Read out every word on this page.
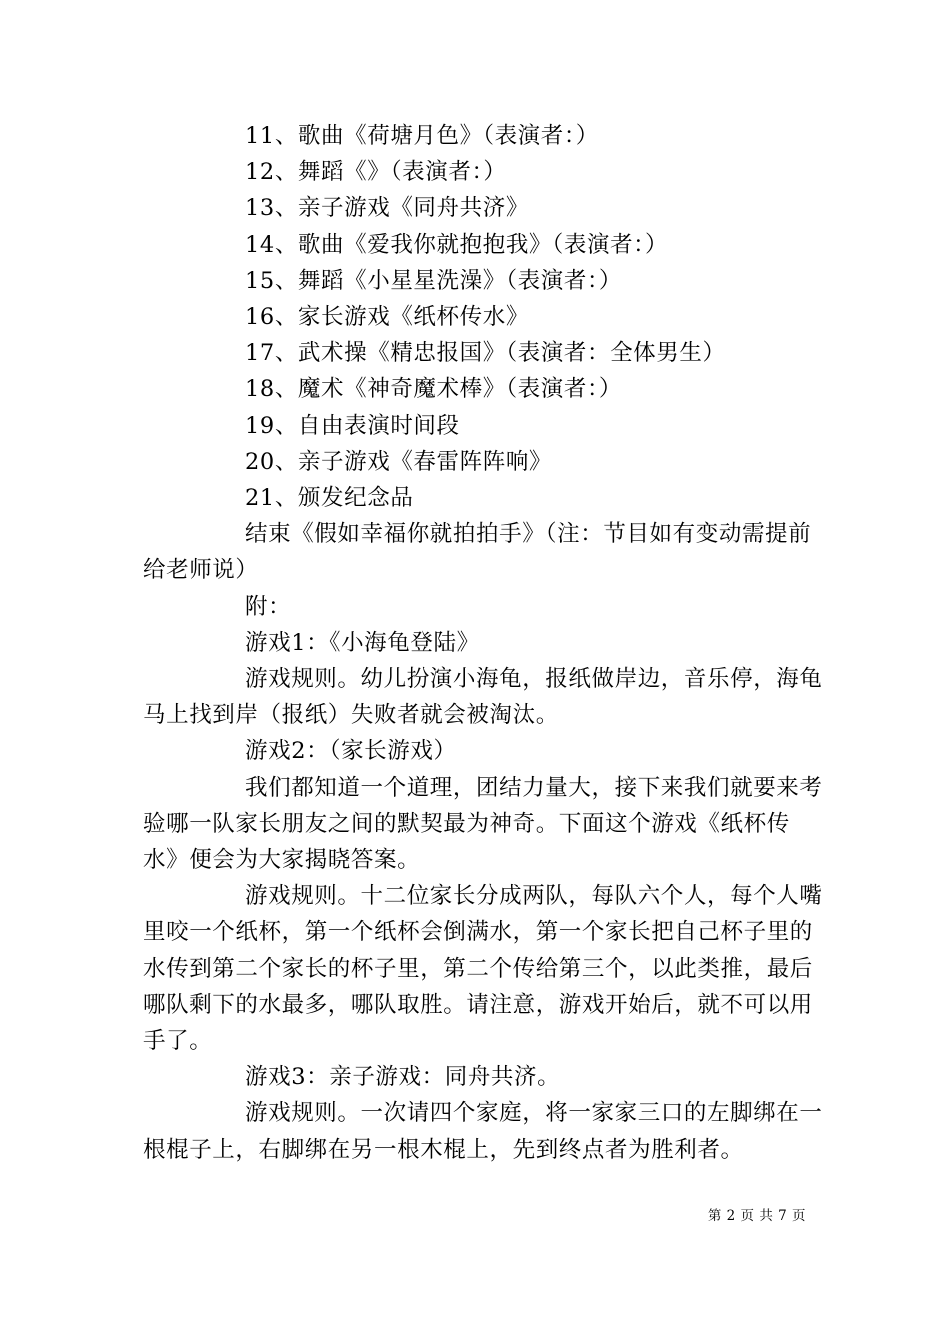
11、歌曲《荷塘月色》（表演者：）
12、舞蹈《》（表演者：）
13、亲子游戏《同舟共济》
14、歌曲《爱我你就抱抱我》（表演者：）
15、舞蹈《小星星洗澡》（表演者：）
16、家长游戏《纸杯传水》
17、武术操《精忠报国》（表演者：全体男生）
18、魔术《神奇魔术棒》（表演者：）
19、自由表演时间段
20、亲子游戏《春雷阵阵响》
21、颁发纪念品
结束《假如幸福你就拍拍手》（注：节目如有变动需提前
给老师说）
附：
游戏1：《小海龟登陆》
游戏规则。幼儿扮演小海龟，报纸做岸边，音乐停，海龟
马上找到岸（报纸）失败者就会被淘汰。
游戏2：（家长游戏）
我们都知道一个道理，团结力量大，接下来我们就要来考
验哪一队家长朋友之间的默契最为神奇。下面这个游戏《纸杯传
水》便会为大家揭晓答案。
游戏规则。十二位家长分成两队，每队六个人，每个人嘴
里咬一个纸杯，第一个纸杯会倒满水，第一个家长把自己杯子里的
水传到第二个家长的杯子里，第二个传给第三个，以此类推，最后
哪队剩下的水最多，哪队取胜。请注意，游戏开始后，就不可以用
手了。
游戏3：亲子游戏：同舟共济。
游戏规则。一次请四个家庭，将一家家三口的左脚绑在一
根棍子上，右脚绑在另一根木棍上，先到终点者为胜利者。
第 2 页 共 7 页
